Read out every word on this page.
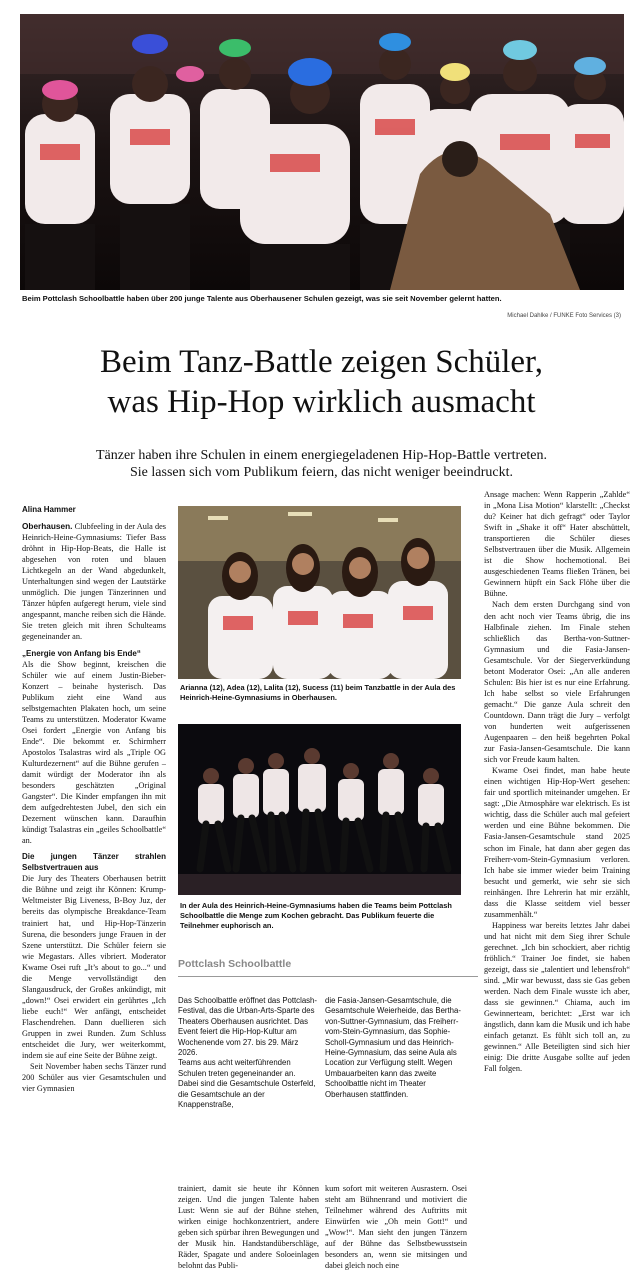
Beim Pottclash Schoolbattle haben über 200 junge Talente aus Oberhausener Schulen gezeigt, was sie seit November gelernt hatten.
Michael Dahlke / FUNKE Foto Services (3)
Beim Tanz-Battle zeigen Schüler,
was Hip-Hop wirklich ausmacht
Tänzer haben ihre Schulen in einem energiegeladenen Hip-Hop-Battle vertreten.
Sie lassen sich vom Publikum feiern, das nicht weniger beeindruckt.
Alina Hammer

Oberhausen. Clubfeeling in der Aula des Heinrich-Heine-Gymnasiums: Tiefer Bass dröhnt in Hip-Hop-Beats, die Halle ist abgesehen von roten und blauen Lichtkegeln an der Wand abgedunkelt, Unterhaltungen sind wegen der Lautstärke unmöglich. Die jungen Tänzerinnen und Tänzer hüpfen aufgeregt herum, viele sind angespannt, manche reiben sich die Hände. Sie treten gleich mit ihren Schulteams gegeneinander an.

„Energie von Anfang bis Ende“

Als die Show beginnt, kreischen die Schüler wie auf einem Justin-Bieber-Konzert – beinahe hysterisch. Das Publikum zieht eine Wand aus selbstgemachten Plakaten hoch, um seine Teams zu unterstützen. Moderator Kwame Osei fordert „Energie von Anfang bis Ende“. Die bekommt er. Schirmherr Apostolos Tsalastras wird als „Triple OG Kulturdezernent“ auf die Bühne gerufen – damit würdigt der Moderator ihn als besonders geschätzten „Original Gangster“. Die Kinder empfangen ihn mit dem aufgedrehtesten Jubel, den sich ein Dezernent wünschen kann. Daraufhin kündigt Tsalastras ein „geiles Schoolbattle“ an.

Die jungen Tänzer strahlen Selbstvertrauen aus

Die Jury des Theaters Oberhausen betritt die Bühne und zeigt ihr Können: Krump-Weltmeister Big Liveness, B-Boy Juz, der bereits das olympische Breakdance-Team trainiert hat, und Hip-Hop-Tänzerin Surena, die besonders junge Frauen in der Szene unterstützt. Die Schüler feiern sie wie Megastars. Alles vibriert. Moderator Kwame Osei ruft „It’s about to go...“ und die Menge vervollständigt den Slangausdruck, der Großes ankündigt, mit „down!“ Osei erwidert ein gerührtes „Ich liebe euch!“ Wer anfängt, entscheidet Flaschendrehen. Dann duellieren sich Gruppen in zwei Runden. Zum Schluss entscheidet die Jury, wer weiterkommt, indem sie auf eine Seite der Bühne zeigt.

Seit November haben sechs Tänzer rund 200 Schüler aus vier Gesamtschulen und vier Gymnasien

Arianna (12), Adea (12), Lalita (12), Sucess (11) beim Tanzbattle in der Aula des Heinrich-Heine-Gymnasiums in Oberhausen.
In der Aula des Heinrich-Heine-Gymnasiums haben die Teams beim Pottclash Schoolbattle die Menge zum Kochen gebracht. Das Publikum feuerte die Teilnehmer euphorisch an.
Pottclash Schoolbattle
Das Schoolbattle eröffnet das Pottclash-Festival, das die Urban-Arts-Sparte des Theaters Oberhausen ausrichtet. Das Event feiert die Hip-Hop-Kultur am Wochenende vom 27. bis 29. März 2026.
Teams aus acht weiterführenden Schulen treten gegeneinander an. Dabei sind die Gesamtschule Osterfeld, die Gesamtschule an der Knappenstraße,
die Fasia-Jansen-Gesamtschule, die Gesamtschule Weierheide, das Bertha-von-Suttner-Gymnasium, das Freiherr-vom-Stein-Gymnasium, das Sophie-Scholl-Gymnasium und das Heinrich-Heine-Gymnasium, das seine Aula als Location zur Verfügung stellt. Wegen Umbauarbeiten kann das zweite Schoolbattle nicht im Theater Oberhausen stattfinden.
trainiert, damit sie heute ihr Können zeigen. Und die jungen Talente haben Lust: Wenn sie auf der Bühne stehen, wirken einige hochkonzentriert, andere geben sich spürbar ihren Bewegungen und der Musik hin. Handstandüberschläge, Räder, Spagate und andere Soloeinlagen belohnt das Publi-
kum sofort mit weiteren Ausrastern. Osei steht am Bühnenrand und motiviert die Teilnehmer während des Auftritts mit Einwürfen wie „Oh mein Gott!“ und „Wow!“. Man sieht den jungen Tänzern auf der Bühne das Selbstbewusstsein besonders an, wenn sie mitsingen und dabei gleich noch eine

Ansage machen: Wenn Rapperin „Zahlde“ in „Mona Lisa Motion“ klarstellt: „Checkst du? Keiner hat dich gefragt“ oder Taylor Swift in „Shake it off“ Hater abschüttelt, transportieren die Schüler dieses Selbstvertrauen über die Musik. Allgemein ist die Show hochemotional. Bei ausgeschiedenen Teams fließen Tränen, bei Gewinnern hüpft ein Sack Flöhe über die Bühne.

Nach dem ersten Durchgang sind von den acht noch vier Teams übrig, die ins Halbfinale ziehen. Im Finale stehen schließlich das Bertha-von-Suttner-Gymnasium und die Fasia-Jansen-Gesamtschule. Vor der Siegerverkündung betont Moderator Osei: „An alle anderen Schulen: Bis hier ist es nur eine Erfahrung. Ich habe selbst so viele Erfahrungen gemacht.“ Die ganze Aula schreit den Countdown. Dann trägt die Jury – verfolgt von hunderten weit aufgerissenen Augenpaaren – den heiß begehrten Pokal zur Fasia-Jansen-Gesamtschule. Die kann sich vor Freude kaum halten.

Kwame Osei findet, man habe heute einen wichtigen Hip-Hop-Wert gesehen: fair und sportlich miteinander umgehen. Er sagt: „Die Atmosphäre war elektrisch. Es ist wichtig, dass die Schüler auch mal gefeiert werden und eine Bühne bekommen. Die Fasia-Jansen-Gesamtschule stand 2025 schon im Finale, hat dann aber gegen das Freiherr-vom-Stein-Gymnasium verloren. Ich habe sie immer wieder beim Training besucht und gemerkt, wie sehr sie sich reinhängen. Ihre Lehrerin hat mir erzählt, dass die Klasse seitdem viel besser zusammenhält.“

Happiness war bereits letztes Jahr dabei und hat nicht mit dem Sieg ihrer Schule gerechnet. „Ich bin schockiert, aber richtig fröhlich.“ Trainer Joe findet, sie haben gezeigt, dass sie „talentiert und lebensfroh“ sind. „Mir war bewusst, dass sie Gas geben werden. Nach dem Finale wusste ich aber, dass sie gewinnen.“ Chiama, auch im Gewinnerteam, berichtet: „Erst war ich ängstlich, dann kam die Musik und ich habe einfach getanzt. Es fühlt sich toll an, zu gewinnen.“ Alle Beteiligten sind sich hier einig: Die dritte Ausgabe sollte auf jeden Fall folgen.
